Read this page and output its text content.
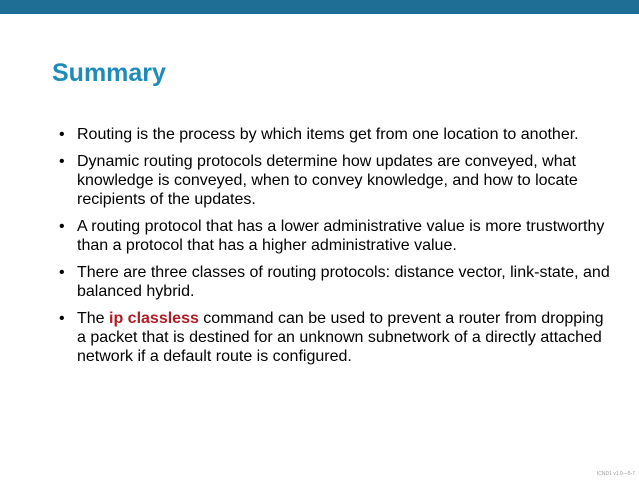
Summary
• Routing is the process by which items get from one location to another.
• Dynamic routing protocols determine how updates are conveyed, what knowledge is conveyed, when to convey knowledge, and how to locate recipients of the updates.
• A routing protocol that has a lower administrative value is more trustworthy than a protocol that has a higher administrative value.
• There are three classes of routing protocols: distance vector, link-state, and balanced hybrid.
• The ip classless command can be used to prevent a router from dropping a packet that is destined for an unknown subnetwork of a directly attached network if a default route is configured.
ICND1 v1.0—5-7
